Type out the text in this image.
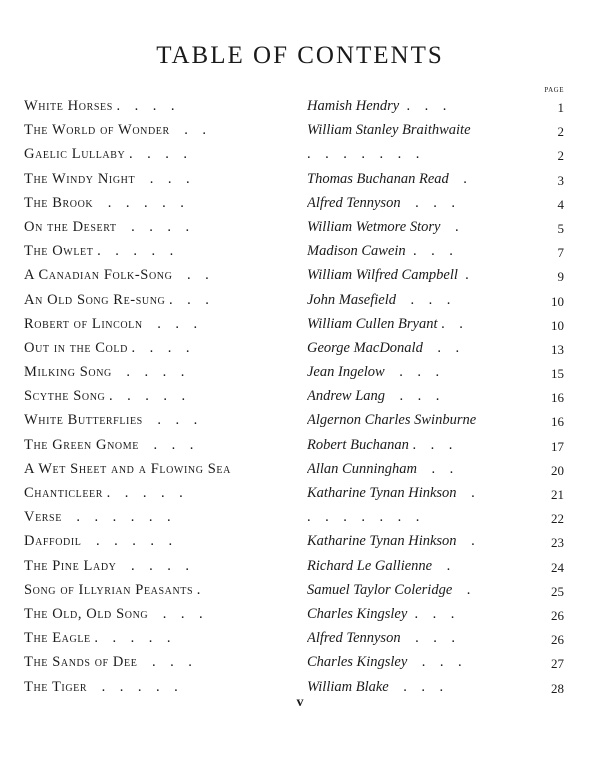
TABLE OF CONTENTS
PAGE
White Horses .    .    .    .	Hamish Hendry  .    .    .	1
The World of Wonder    .    .	William Stanley Braithwaite	2
Gaelic Lullaby .    .    .    .	.    .    .    .    .    .    .	2
The Windy Night    .    .    .	Thomas Buchanan Read    .	3
The Brook    .    .    .    .    .	Alfred Tennyson    .    .    .	4
On the Desert    .    .    .    .	William Wetmore Story    .	5
The Owlet .    .    .    .    .	Madison Cawein  .    .    .	7
A Canadian Folk-Song    .    .	William Wilfred Campbell  .	9
An Old Song Re-sung .    .    .	John Masefield    .    .    .	10
Robert of Lincoln    .    .    .	William Cullen Bryant .    .	10
Out in the Cold .    .    .    .	George MacDonald    .    .	13
Milking Song    .    .    .    .	Jean Ingelow    .    .    .	15
Scythe Song .    .    .    .    .	Andrew Lang    .    .    .	16
White Butterflies    .    .    .	Algernon Charles Swinburne	16
The Green Gnome    .    .    .	Robert Buchanan .    .    .	17
A Wet Sheet and a Flowing Sea	Allan Cunningham    .    .	20
Chanticleer .    .    .    .    .	Katharine Tynan Hinkson    .	21
Verse    .    .    .    .    .    .	.    .    .    .    .    .    .	22
Daffodil    .    .    .    .    .	Katharine Tynan Hinkson    .	23
The Pine Lady    .    .    .    .	Richard Le Gallienne    .	24
Song of Illyrian Peasants .	Samuel Taylor Coleridge    .	25
The Old, Old Song    .    .    .	Charles Kingsley  .    .    .	26
The Eagle .    .    .    .    .	Alfred Tennyson    .    .    .	26
The Sands of Dee    .    .    .	Charles Kingsley    .    .    .	27
The Tiger    .    .    .    .    .	William Blake    .    .    .	28
v
